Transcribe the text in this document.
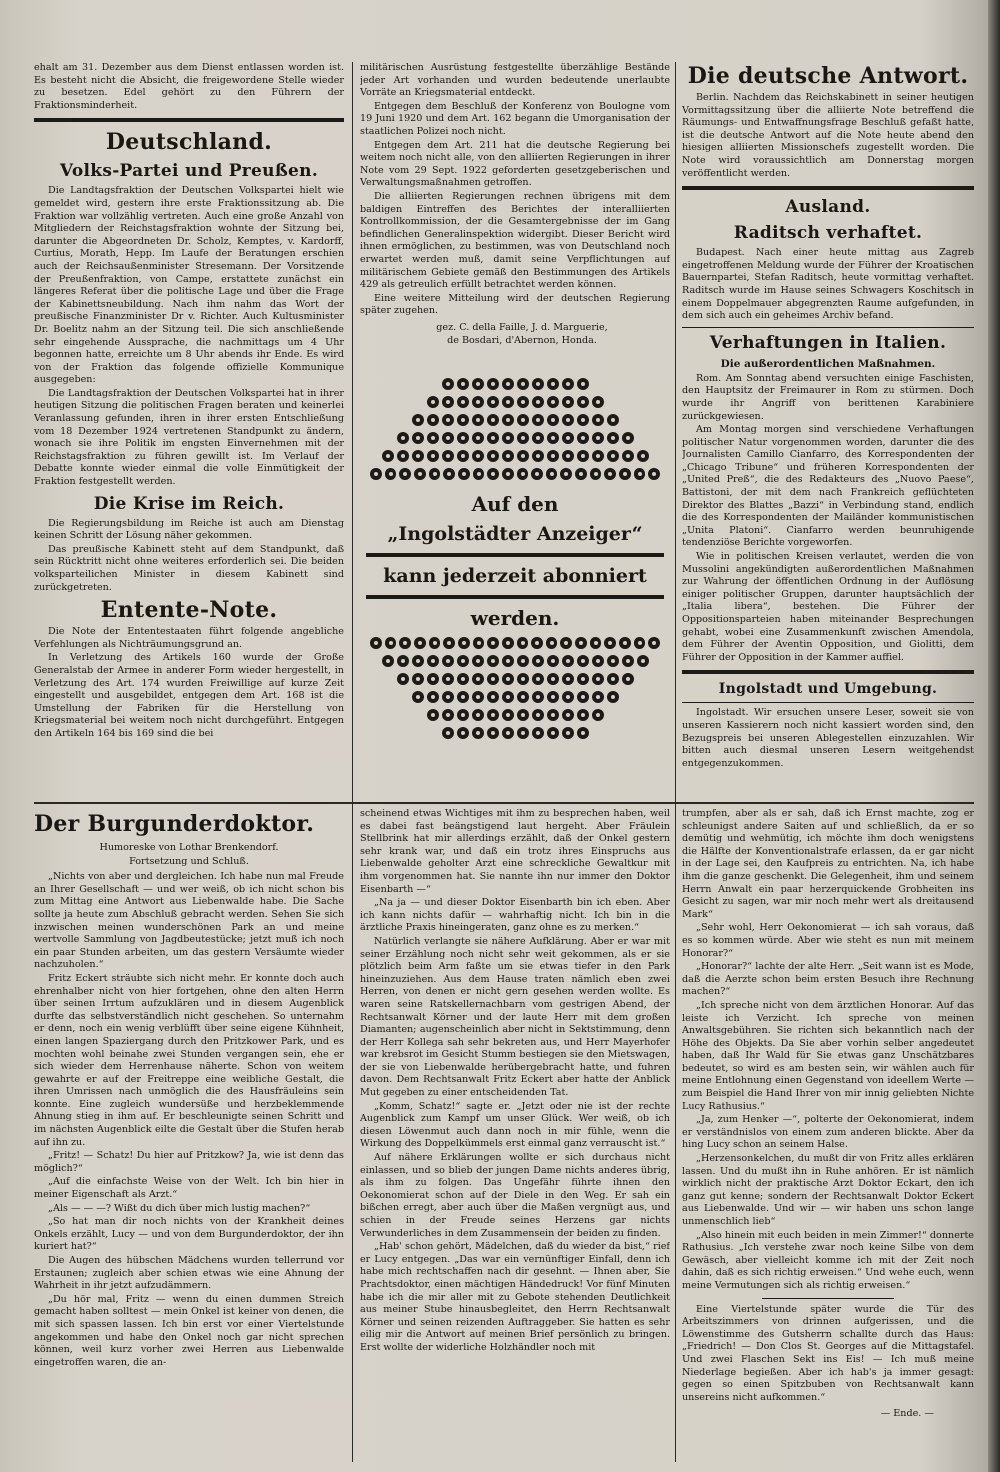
ehalt am 31. Dezember aus dem Dienst entlassen worden ist. Es besteht nicht die Absicht, die freigewordene Stelle wieder zu besetzen. Edel gehört zu den Führern der Fraktionsminderheit.

Deutschland.
Volks-Partei und Preußen.

Die Landtagsfraktion der Deutschen Volkspartei hielt wie gemeldet wird, gestern ihre erste Fraktionssitzung ab. Die Fraktion war vollzählig vertreten. Auch eine große Anzahl von Mitgliedern der Reichstagsfraktion wohnte der Sitzung bei, darunter die Abgeordneten Dr. Scholz, Kemptes, v. Kardorff, Curtius, Morath, Hepp. Im Laufe der Beratungen erschien auch der Reichsaußenminister Stresemann. Der Vorsitzende der Preußenfraktion, von Campe, erstattete zunächst ein längeres Referat über die politische Lage und über die Frage der Kabinettsneubildung. Nach ihm nahm das Wort der preußische Finanzminister Dr v. Richter. Auch Kultusminister Dr. Boelitz nahm an der Sitzung teil. Die sich anschließende sehr eingehende Aussprache, die nachmittags um 4 Uhr begonnen hatte, erreichte um 8 Uhr abends ihr Ende. Es wird von der Fraktion das folgende offizielle Kommunique ausgegeben:

Die Landtagsfraktion der Deutschen Volkspartei hat in ihrer heutigen Sitzung die politischen Fragen beraten und keinerlei Veranlassung gefunden, ihren in ihrer ersten Entschließung vom 18 Dezember 1924 vertretenen Standpunkt zu ändern, wonach sie ihre Politik im engsten Einvernehmen mit der Reichstagsfraktion zu führen gewillt ist. Im Verlauf der Debatte konnte wieder einmal die volle Einmütigkeit der Fraktion festgestellt werden.

Die Krise im Reich.

Die Regierungsbildung im Reiche ist auch am Dienstag keinen Schritt der Lösung näher gekommen.

Das preußische Kabinett steht auf dem Standpunkt, daß sein Rücktritt nicht ohne weiteres erforderlich sei. Die beiden volksparteilichen Minister in diesem Kabinett sind zurückgetreten.

Entente-Note.

Die Note der Ententestaaten führt folgende angebliche Verfehlungen als Nichträumungsgrund an.

In Verletzung des Artikels 160 wurde der Große Generalstab der Armee in anderer Form wieder hergestellt, in Verletzung des Art. 174 wurden Freiwillige auf kurze Zeit eingestellt und ausgebildet, entgegen dem Art. 168 ist die Umstellung der Fabriken für die Herstellung von Kriegsmaterial bei weitem noch nicht durchgeführt. Entgegen den Artikeln 164 bis 169 sind die bei

militärischen Ausrüstung festgestellte überzählige Bestände jeder Art vorhanden und wurden bedeutende unerlaubte Vorräte an Kriegsmaterial entdeckt.

Entgegen dem Beschluß der Konferenz von Boulogne vom 19 Juni 1920 und dem Art. 162 begann die Umorganisation der staatlichen Polizei noch nicht.

Entgegen dem Art. 211 hat die deutsche Regierung bei weitem noch nicht alle, von den alliierten Regierungen in ihrer Note vom 29 Sept. 1922 geforderten gesetzgeberischen und Verwaltungsmaßnahmen getroffen.

Die alliierten Regierungen rechnen übrigens mit dem baldigen Eintreffen des Berichtes der interalliierten Kontrollkommission, der die Gesamtergebnisse der im Gang befindlichen Generalinspektion widergibt. Dieser Bericht wird ihnen ermöglichen, zu bestimmen, was von Deutschland noch erwartet werden muß, damit seine Verpflichtungen auf militärischem Gebiete gemäß den Bestimmungen des Artikels 429 als getreulich erfüllt betrachtet werden können.

Eine weitere Mitteilung wird der deutschen Regierung später zugehen.

gez. C. della Faille, J. d. Marguerie,

de Bosdari, d'Abernon, Honda.

Auf den
„Ingolstädter Anzeiger“
kann jederzeit abonniert
werden.
Die deutsche Antwort.

Berlin. Nachdem das Reichskabinett in seiner heutigen Vormittagssitzung über die alliierte Note betreffend die Räumungs- und Entwaffnungsfrage Beschluß gefaßt hatte, ist die deutsche Antwort auf die Note heute abend den hiesigen alliierten Missionschefs zugestellt worden. Die Note wird voraussichtlich am Donnerstag morgen veröffentlicht werden.

Ausland.
Raditsch verhaftet.

Budapest. Nach einer heute mittag aus Zagreb eingetroffenen Meldung wurde der Führer der Kroatischen Bauernpartei, Stefan Raditsch, heute vormittag verhaftet. Raditsch wurde im Hause seines Schwagers Koschitsch in einem Doppelmauer abgegrenzten Raume aufgefunden, in dem sich auch ein geheimes Archiv befand.

Verhaftungen in Italien.
Die außerordentlichen Maßnahmen.

Rom. Am Sonntag abend versuchten einige Faschisten, den Hauptsitz der Freimaurer in Rom zu stürmen. Doch wurde ihr Angriff von berittenen Karabiniere zurückgewiesen.

Am Montag morgen sind verschiedene Verhaftungen politischer Natur vorgenommen worden, darunter die des Journalisten Camillo Cianfarro, des Korrespondenten der „Chicago Tribune“ und früheren Korrespondenten der „United Preß“, die des Redakteurs des „Nuovo Paese“, Battistoni, der mit dem nach Frankreich geflüchteten Direktor des Blattes „Bazzi“ in Verbindung stand, endlich die des Korrespondenten der Mailänder kommunistischen „Unita Platoni“. Cianfarro werden beunruhigende tendenziöse Berichte vorgeworfen.

Wie in politischen Kreisen verlautet, werden die von Mussolini angekündigten außerordentlichen Maßnahmen zur Wahrung der öffentlichen Ordnung in der Auflösung einiger politischer Gruppen, darunter hauptsächlich der „Italia libera“, bestehen. Die Führer der Oppositionsparteien haben miteinander Besprechungen gehabt, wobei eine Zusammenkunft zwischen Amendola, dem Führer der Aventin Opposition, und Giolitti, dem Führer der Opposition in der Kammer auffiel.

Ingolstadt und Umgebung.

Ingolstadt. Wir ersuchen unsere Leser, soweit sie von unseren Kassierern noch nicht kassiert worden sind, den Bezugspreis bei unseren Ablegestellen einzuzahlen. Wir bitten auch diesmal unseren Lesern weitgehendst entgegenzukommen.

Der Burgunderdoktor.

Humoreske von Lothar Brenkendorf.

Fortsetzung und Schluß.

„Nichts von aber und dergleichen. Ich habe nun mal Freude an Ihrer Gesellschaft — und wer weiß, ob ich nicht schon bis zum Mittag eine Antwort aus Liebenwalde habe. Die Sache sollte ja heute zum Abschluß gebracht werden. Sehen Sie sich inzwischen meinen wunderschönen Park an und meine wertvolle Sammlung von Jagdbeutestücke; jetzt muß ich noch ein paar Stunden arbeiten, um das gestern Versäumte wieder nachzuholen.“

Fritz Eckert sträubte sich nicht mehr. Er konnte doch auch ehrenhalber nicht von hier fortgehen, ohne den alten Herrn über seinen Irrtum aufzuklären und in diesem Augenblick durfte das selbstverständlich nicht geschehen. So unternahm er denn, noch ein wenig verblüfft über seine eigene Kühnheit, einen langen Spaziergang durch den Pritzkower Park, und es mochten wohl beinahe zwei Stunden vergangen sein, ehe er sich wieder dem Herrenhause näherte. Schon von weitem gewahrte er auf der Freitreppe eine weibliche Gestalt, die ihren Umrissen nach unmöglich die des Hausfräuleins sein konnte. Eine zugleich wundersüße und herzbeklemmende Ahnung stieg in ihm auf. Er beschleunigte seinen Schritt und im nächsten Augenblick eilte die Gestalt über die Stufen herab auf ihn zu.

„Fritz! — Schatz! Du hier auf Pritzkow? Ja, wie ist denn das möglich?“

„Auf die einfachste Weise von der Welt. Ich bin hier in meiner Eigenschaft als Arzt.“

„Als — — —? Wißt du dich über mich lustig machen?“

„So hat man dir noch nichts von der Krankheit deines Onkels erzählt, Lucy — und von dem Burgunderdoktor, der ihn kuriert hat?“

Die Augen des hübschen Mädchens wurden tellerrund vor Erstaunen; zugleich aber schien etwas wie eine Ahnung der Wahrheit in ihr jetzt aufzudämmern.

„Du hör mal, Fritz — wenn du einen dummen Streich gemacht haben solltest — mein Onkel ist keiner von denen, die mit sich spassen lassen. Ich bin erst vor einer Viertelstunde angekommen und habe den Onkel noch gar nicht sprechen können, weil kurz vorher zwei Herren aus Liebenwalde eingetroffen waren, die an-

scheinend etwas Wichtiges mit ihm zu besprechen haben, weil es dabei fast beängstigend laut hergeht. Aber Fräulein Stellbrink hat mir allerdings erzählt, daß der Onkel gestern sehr krank war, und daß ein trotz ihres Einspruchs aus Liebenwalde geholter Arzt eine schreckliche Gewaltkur mit ihm vorgenommen hat. Sie nannte ihn nur immer den Doktor Eisenbarth —“

„Na ja — und dieser Doktor Eisenbarth bin ich eben. Aber ich kann nichts dafür — wahrhaftig nicht. Ich bin in die ärztliche Praxis hineingeraten, ganz ohne es zu merken.“

Natürlich verlangte sie nähere Aufklärung. Aber er war mit seiner Erzählung noch nicht sehr weit gekommen, als er sie plötzlich beim Arm faßte um sie etwas tiefer in den Park hineinzuziehen. Aus dem Hause traten nämlich eben zwei Herren, von denen er nicht gern gesehen werden wollte. Es waren seine Ratskellernachbarn vom gestrigen Abend, der Rechtsanwalt Körner und der laute Herr mit dem großen Diamanten; augenscheinlich aber nicht in Sektstimmung, denn der Herr Kollega sah sehr bekreten aus, und Herr Mayerhofer war krebsrot im Gesicht Stumm bestiegen sie den Mietswagen, der sie von Liebenwalde herübergebracht hatte, und fuhren davon. Dem Rechtsanwalt Fritz Eckert aber hatte der Anblick Mut gegeben zu einer entscheidenden Tat.

„Komm, Schatz!“ sagte er. „Jetzt oder nie ist der rechte Augenblick zum Kampf um unser Glück. Wer weiß, ob ich diesen Löwenmut auch dann noch in mir fühle, wenn die Wirkung des Doppelkümmels erst einmal ganz verrauscht ist.“

Auf nähere Erklärungen wollte er sich durchaus nicht einlassen, und so blieb der jungen Dame nichts anderes übrig, als ihm zu folgen. Das Ungefähr führte ihnen den Oekonomierat schon auf der Diele in den Weg. Er sah ein bißchen erregt, aber auch über die Maßen vergnügt aus, und schien in der Freude seines Herzens gar nichts Verwunderliches in dem Zusammensein der beiden zu finden.

„Hab' schon gehört, Mädelchen, daß du wieder da bist,“ rief er Lucy entgegen. „Das war ein vernünftiger Einfall, denn ich habe mich rechtschaffen nach dir gesehnt. — Ihnen aber, Sie Prachtsdoktor, einen mächtigen Händedruck! Vor fünf Minuten habe ich die mir aller mit zu Gebote stehenden Deutlichkeit aus meiner Stube hinausbegleitet, den Herrn Rechtsanwalt Körner und seinen reizenden Auftraggeber. Sie hatten es sehr eilig mir die Antwort auf meinen Brief persönlich zu bringen. Erst wollte der widerliche Holzhändler noch mit

trumpfen, aber als er sah, daß ich Ernst machte, zog er schleunigst andere Saiten auf und schließlich, da er so demütig und wehmütig, ich möchte ihm doch wenigstens die Hälfte der Konventionalstrafe erlassen, da er gar nicht in der Lage sei, den Kaufpreis zu entrichten. Na, ich habe ihm die ganze geschenkt. Die Gelegenheit, ihm und seinem Herrn Anwalt ein paar herzerquickende Grobheiten ins Gesicht zu sagen, war mir noch mehr wert als dreitausend Mark“

„Sehr wohl, Herr Oekonomierat — ich sah voraus, daß es so kommen würde. Aber wie steht es nun mit meinem Honorar?“

„Honorar?“ lachte der alte Herr. „Seit wann ist es Mode, daß die Aerzte schon beim ersten Besuch ihre Rechnung machen?“

„Ich spreche nicht von dem ärztlichen Honorar. Auf das leiste ich Verzicht. Ich spreche von meinen Anwaltsgebühren. Sie richten sich bekanntlich nach der Höhe des Objekts. Da Sie aber vorhin selber angedeutet haben, daß Ihr Wald für Sie etwas ganz Unschätzbares bedeutet, so wird es am besten sein, wir wählen auch für meine Entlohnung einen Gegenstand von ideellem Werte — zum Beispiel die Hand Ihrer von mir innig geliebten Nichte Lucy Rathusius.“

„Ja, zum Henker —“, polterte der Oekonomierat, indem er verständnislos von einem zum anderen blickte. Aber da hing Lucy schon an seinem Halse.

„Herzensonkelchen, du mußt dir von Fritz alles erklären lassen. Und du mußt ihn in Ruhe anhören. Er ist nämlich wirklich nicht der praktische Arzt Doktor Eckart, den ich ganz gut kenne; sondern der Rechtsanwalt Doktor Eckert aus Liebenwalde. Und wir — wir haben uns schon lange unmenschlich lieb“

„Also hinein mit euch beiden in mein Zimmer!“ donnerte Rathusius. „Ich verstehe zwar noch keine Silbe von dem Gewäsch, aber vielleicht komme ich mit der Zeit noch dahin, daß es sich richtig erweisen.“ Und wehe euch, wenn meine Vermutungen sich als richtig erweisen.“

Eine Viertelstunde später wurde die Tür des Arbeitszimmers von drinnen aufgerissen, und die Löwenstimme des Gutsherrn schallte durch das Haus: „Friedrich! — Don Clos St. Georges auf die Mittagstafel. Und zwei Flaschen Sekt ins Eis! — Ich muß meine Niederlage begießen. Aber ich hab's ja immer gesagt: gegen so einen Spitzbuben von Rechtsanwalt kann unsereins nicht aufkommen.“

— Ende. —
